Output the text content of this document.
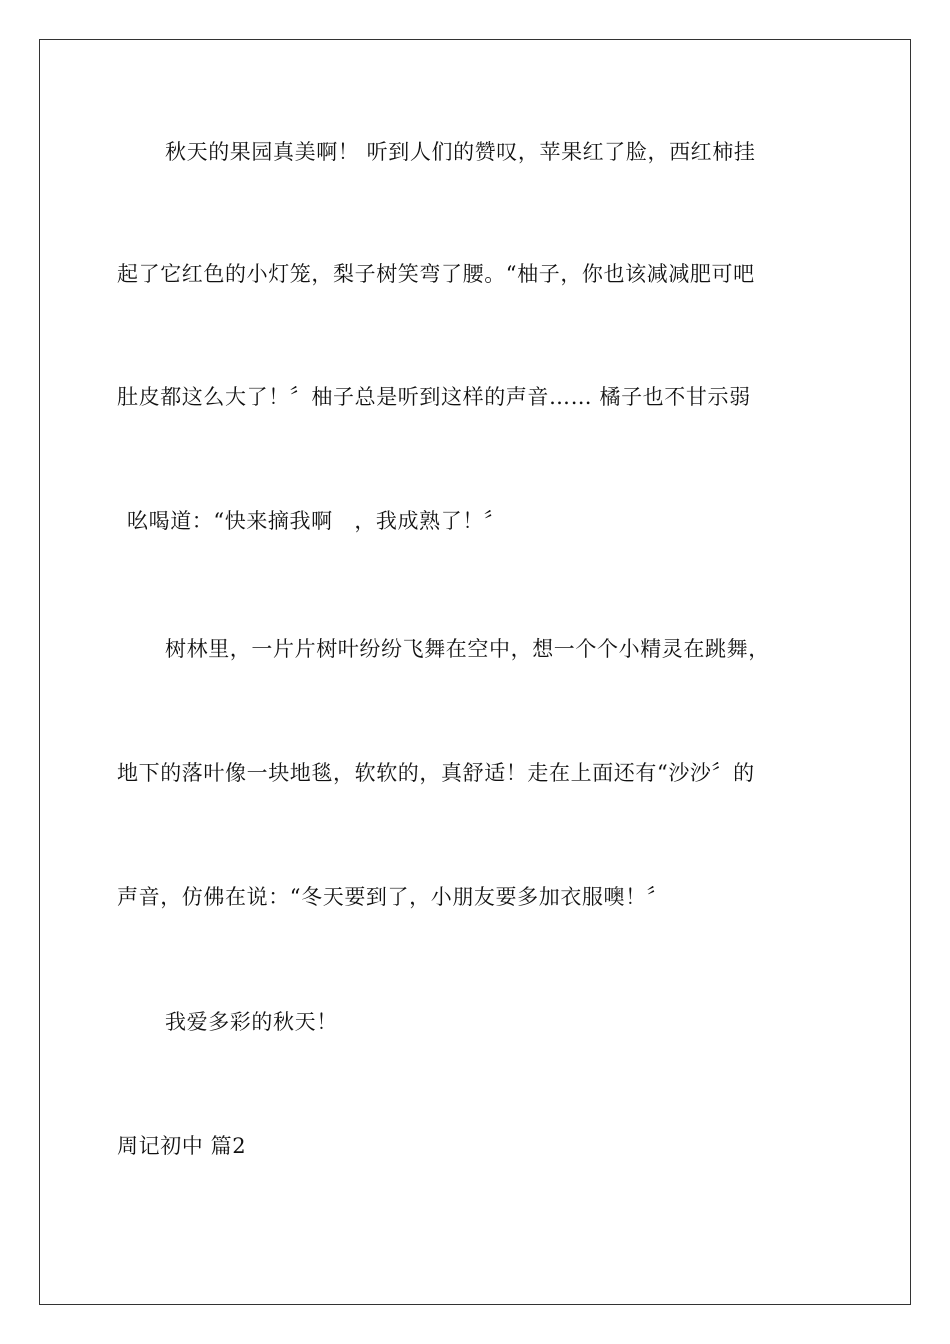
秋天的果园真美啊！ 听到人们的赞叹，苹果红了脸，西红柿挂
起了它红色的小灯笼，梨子树笑弯了腰。“柚子，你也该减减肥可吧
肚皮都这么大了！〞柚子总是听到这样的声音…… 橘子也不甘示弱
吆喝道：“快来摘我啊　，我成熟了！〞
树林里，一片片树叶纷纷飞舞在空中，想一个个小精灵在跳舞，
地下的落叶像一块地毯，软软的，真舒适！走在上面还有“沙沙〞的
声音，仿佛在说：“冬天要到了，小朋友要多加衣服噢！〞
我爱多彩的秋天！
周记初中 篇2
